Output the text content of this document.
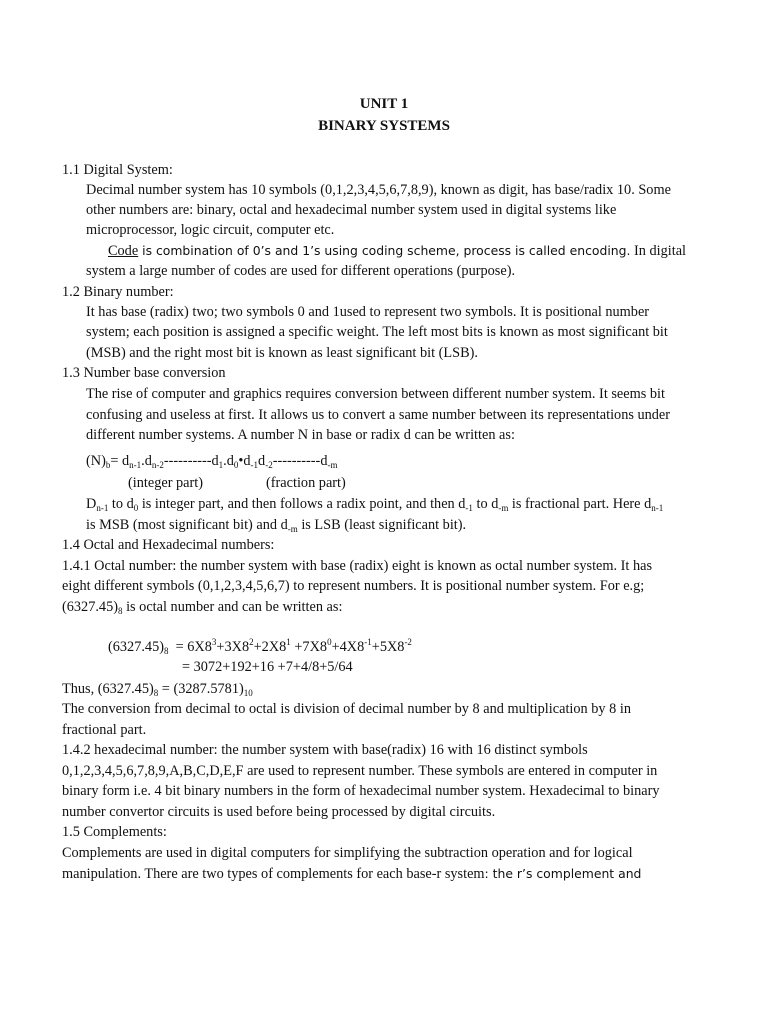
UNIT 1
BINARY SYSTEMS
1.1 Digital System:
Decimal number system has 10 symbols (0,1,2,3,4,5,6,7,8,9), known as digit, has base/radix 10. Some
other numbers are: binary, octal and hexadecimal number system used in digital systems like
microprocessor, logic circuit, computer etc.
Code is combination of 0’s and 1’s using coding scheme, process is called encoding. In digital
system a large number of codes are used for different operations (purpose).
1.2 Binary number:
It has base (radix) two; two symbols 0 and 1used to represent two symbols. It is positional number
system; each position is assigned a specific weight. The left most bits is known as most significant bit
(MSB) and the right most bit is known as least significant bit (LSB).
1.3 Number base conversion
The rise of computer and graphics requires conversion between different number system. It seems bit
confusing and useless at first. It allows us to convert a same number between its representations under
different number systems. A number N in base or radix d can be written as:
$(N)_b=$ $d_{n-1}.d_{n-2}----------d_1.d_0•d_{-1}d_{-2}----------d_{-m}$
(integer part)	(fraction part)
$D_{n-1}$ to $d_0$ is integer part, and then follows a radix point, and then $d_{-1}$ to $d_{-m}$ is fractional part. Here $d_{n-1}$
is MSB (most significant bit) and $d_{-m}$ is LSB (least significant bit).
1.4 Octal and Hexadecimal numbers:
1.4.1 Octal number: the number system with base (radix) eight is known as octal number system. It has
eight different symbols (0,1,2,3,4,5,6,7) to represent numbers. It is positional number system. For e.g;
$(6327.45)_8$ is octal number and can be written as:
$(6327.45)_8 = 6X8^3+3X8^2+2X8^1 +7X8^0+4X8^{-1}+5X8^{-2}$
= 3072+192+16 +7+4/8+5/64
Thus, $(6327.45)_8 = (3287.5781)_{10}$
The conversion from decimal to octal is division of decimal number by 8 and multiplication by 8 in
fractional part.
1.4.2 hexadecimal number: the number system with base(radix) 16 with 16 distinct symbols
0,1,2,3,4,5,6,7,8,9,A,B,C,D,E,F are used to represent number. These symbols are entered in computer in
binary form i.e. 4 bit binary numbers in the form of hexadecimal number system. Hexadecimal to binary
number convertor circuits is used before being processed by digital circuits.
1.5 Complements:
Complements are used in digital computers for simplifying the subtraction operation and for logical
manipulation. There are two types of complements for each base-r system: the r’s complement and
